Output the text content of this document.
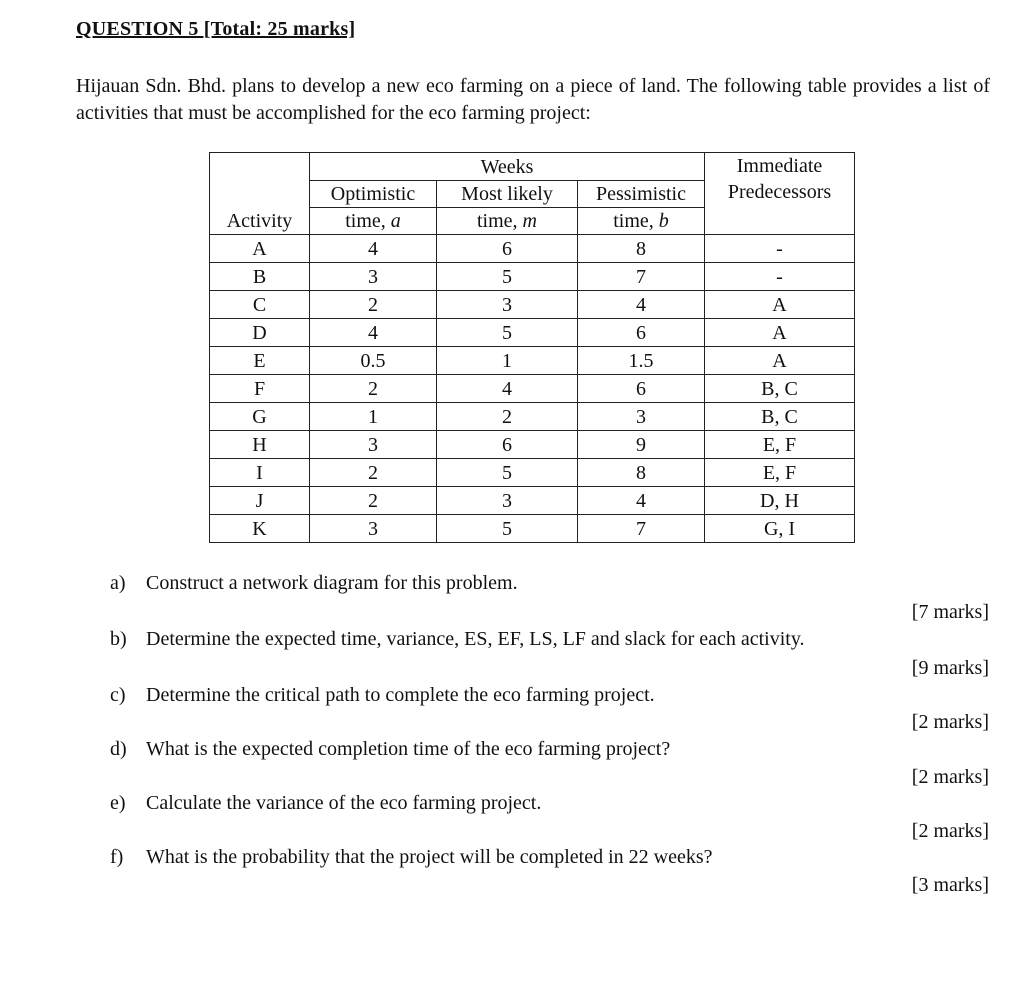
QUESTION 5 [Total: 25 marks]
Hijauan Sdn. Bhd. plans to develop a new eco farming on a piece of land. The following table provides a list of activities that must be accomplished for the eco farming project:
Activity	Weeks			Immediate
Predecessors

	Optimistic	Most likely	Pessimistic	
	time, a	time, m	time, b	
A	4	6	8	-
B	3	5	7	-
C	2	3	4	A
D	4	5	6	A
E	0.5	1	1.5	A
F	2	4	6	B, C
G	1	2	3	B, C
H	3	6	9	E, F
I	2	5	8	E, F
J	2	3	4	D, H
K	3	5	7	G, I
a) Construct a network diagram for this problem.
[7 marks]
b) Determine the expected time, variance, ES, EF, LS, LF and slack for each activity.
[9 marks]
c) Determine the critical path to complete the eco farming project.
[2 marks]
d) What is the expected completion time of the eco farming project?
[2 marks]
e) Calculate the variance of the eco farming project.
[2 marks]
f) What is the probability that the project will be completed in 22 weeks?
[3 marks]
